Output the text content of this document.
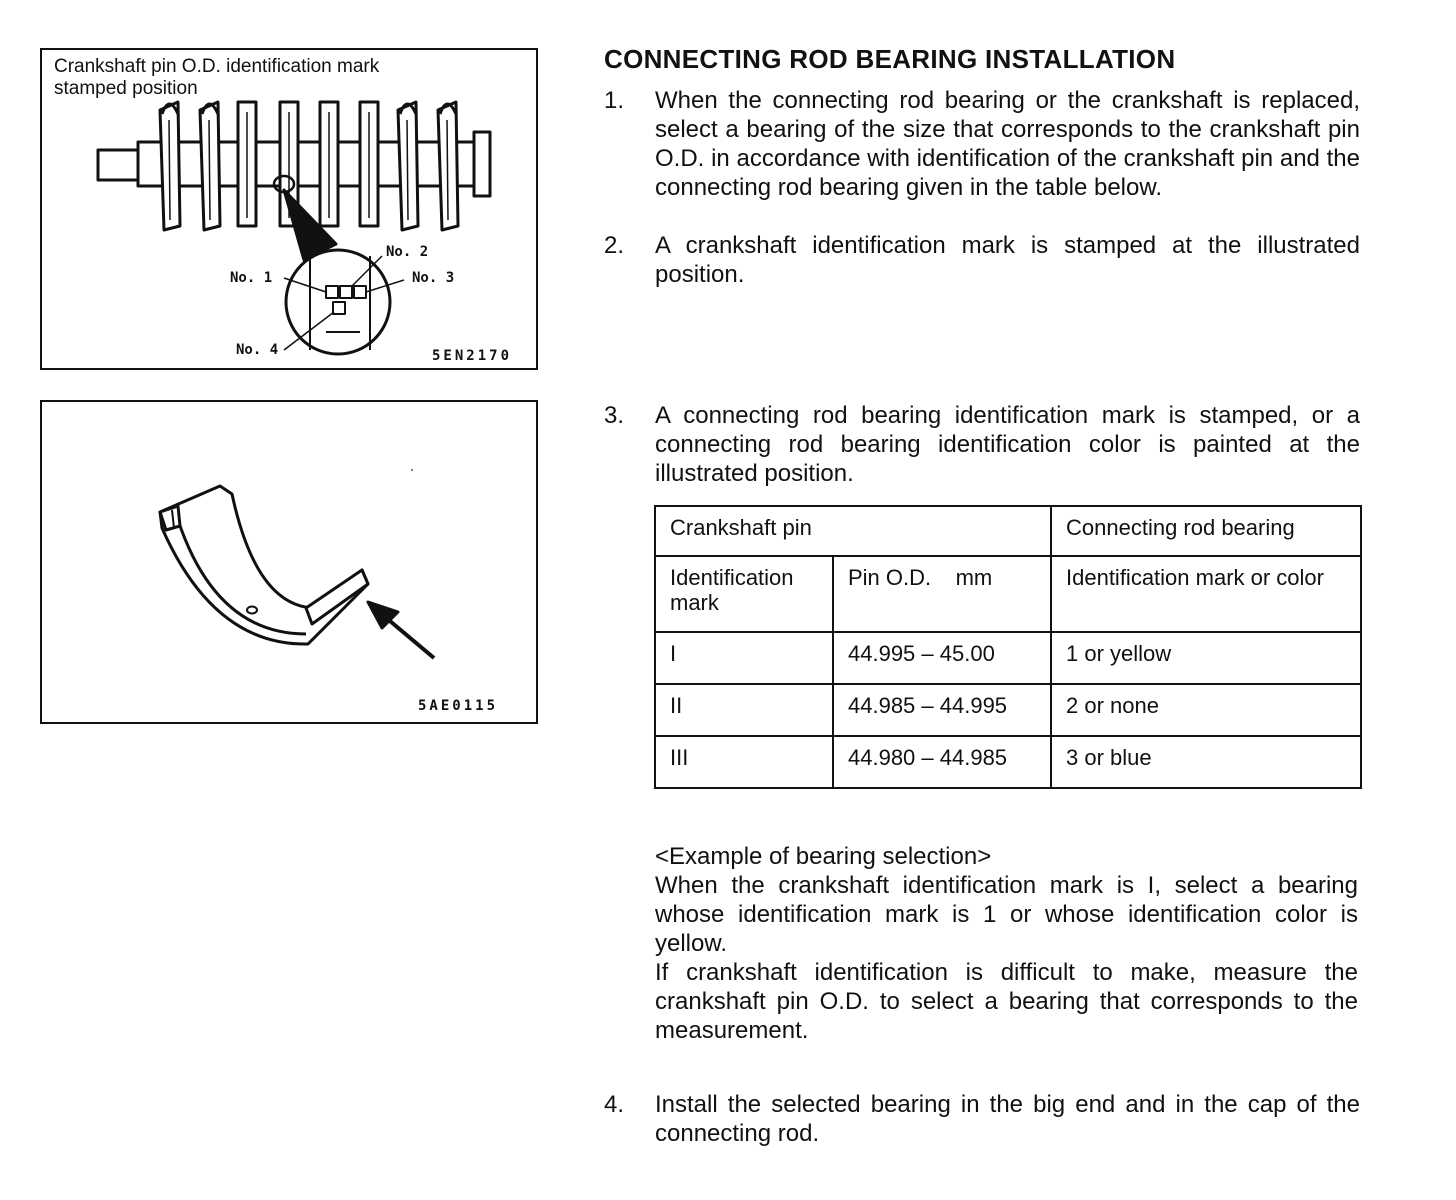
Crankshaft pin O.D. identification mark
stamped position
No. 1
No. 2
No. 3
No. 4	5EN2170
5AE0115
CONNECTING ROD BEARING INSTALLATION
1. When the connecting rod bearing or the crankshaft is replaced, select a bearing of the size that corresponds to the crankshaft pin O.D. in accordance with identification of the crankshaft pin and the connecting rod bearing given in the table below.
2. A crankshaft identification mark is stamped at the illustrated position.
3. A connecting rod bearing identification mark is stamped, or a connecting rod bearing identification color is painted at the illustrated position.
Crankshaft pin		Connecting rod bearing
Identification mark	Pin O.D.    mm	Identification mark or color
I	44.995 – 45.00	1 or yellow
II	44.985 – 44.995	2 or none
III	44.980 – 44.985	3 or blue
<Example of bearing selection>
When the crankshaft identification mark is I, select a bearing whose identification mark is 1 or whose identification color is yellow.
If crankshaft identification is difficult to make, measure the crankshaft pin O.D. to select a bearing that corresponds to the measurement.
4. Install the selected bearing in the big end and in the cap of the connecting rod.
